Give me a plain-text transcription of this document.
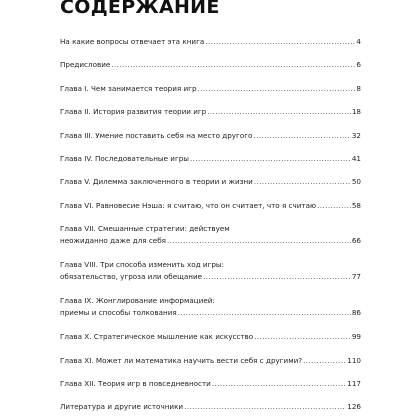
СОДЕРЖАНИЕ
На какие вопросы отвечает эта книга .....	4
Предисловие .....	6
Глава I. Чем занимается теория игр .....	8
Глава II. История развития теории игр .....	18
Глава III. Умение поставить себя на место другого .....	32
Глава IV. Последовательные игры .....	41
Глава V. Дилемма заключенного в теории и жизни .....	50
Глава VI. Равновесие Нэша: я считаю, что он считает, что я считаю .....	58
Глава VII. Смешанные стратегии: действуем
неожиданно даже для себя .....	66
Глава VIII. Три способа изменить ход игры:
обязательство, угроза или обещание .....	77
Глава IX. Жонглирование информацией:
приемы и способы толкования .....	86
Глава X. Стратегическое мышление как искусство .....	99
Глава XI. Может ли математика научить вести себя с другими? .....	110
Глава XII. Теория игр в повседневности .....	117
Литература и другие источники .....	126
